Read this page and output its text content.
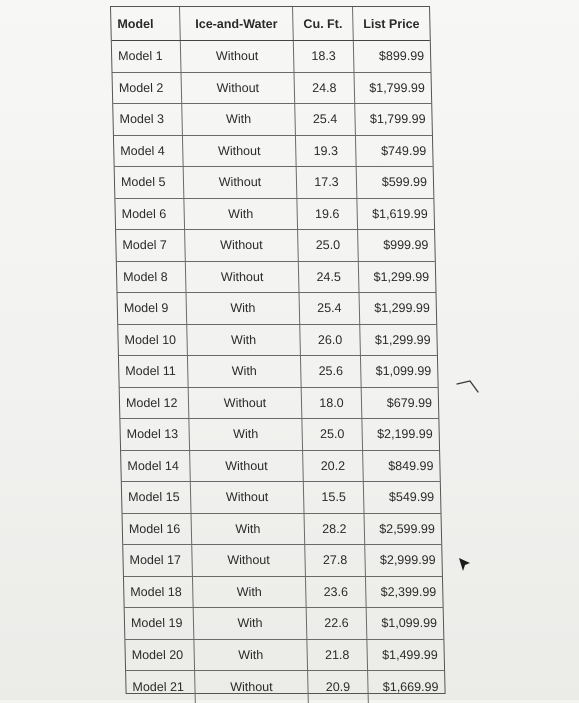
Model	Ice-and-Water	Cu. Ft.	List Price
Model 1	Without	18.3	$899.99
Model 2	Without	24.8	$1,799.99
Model 3	With	25.4	$1,799.99
Model 4	Without	19.3	$749.99
Model 5	Without	17.3	$599.99
Model 6	With	19.6	$1,619.99
Model 7	Without	25.0	$999.99
Model 8	Without	24.5	$1,299.99
Model 9	With	25.4	$1,299.99
Model 10	With	26.0	$1,299.99
Model 11	With	25.6	$1,099.99
Model 12	Without	18.0	$679.99
Model 13	With	25.0	$2,199.99
Model 14	Without	20.2	$849.99
Model 15	Without	15.5	$549.99
Model 16	With	28.2	$2,599.99
Model 17	Without	27.8	$2,999.99
Model 18	With	23.6	$2,399.99
Model 19	With	22.6	$1,099.99
Model 20	With	21.8	$1,499.99
Model 21	Without	20.9	$1,669.99
